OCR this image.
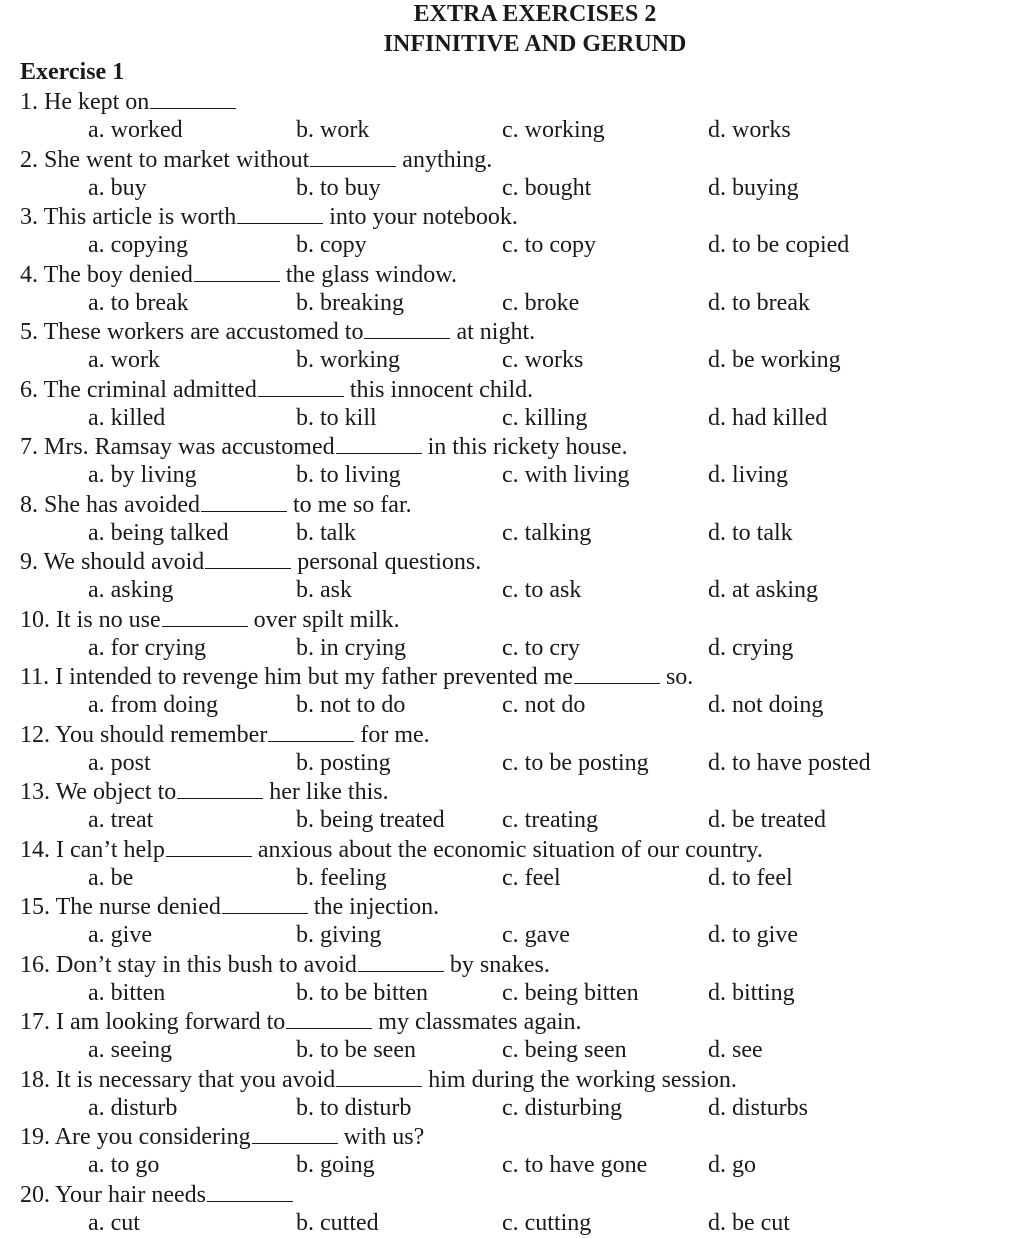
EXTRA EXERCISES 2
INFINITIVE AND GERUND
Exercise 1
1. He kept on
a. worked	b. work	c. working	d. works
2. She went to market without	anything.
a. buy	b. to buy	c. bought	d. buying
3. This article is worth	into your notebook.
a. copying	b. copy	c. to copy	d. to be copied
4. The boy denied	the glass window.
a. to break	b. breaking	c. broke	d. to break
5. These workers are accustomed to	at night.
a. work	b. working	c. works	d. be working
6. The criminal admitted	this innocent child.
a. killed	b. to kill	c. killing	d. had killed
7. Mrs. Ramsay was accustomed	in this rickety house.
a. by living	b. to living	c. with living	d. living
8. She has avoided	to me so far.
a. being talked	b. talk	c. talking	d. to talk
9. We should avoid	personal questions.
a. asking	b. ask	c. to ask	d. at asking
10. It is no use	over spilt milk.
a. for crying	b. in crying	c. to cry	d. crying
11. I intended to revenge him but my father prevented me	so.
a. from doing	b. not to do	c. not do	d. not doing
12. You should remember	for me.
a. post	b. posting	c. to be posting d. to have posted
13. We object to	her like this.
a. treat	b. being treated c. treating	d. be treated
14. I can’t help	anxious about the economic situation of our country.
a. be	b. feeling	c. feel	d. to feel
15. The nurse denied	the injection.
a. give	b. giving	c. gave	d. to give
16. Don’t stay in this bush to avoid	by snakes.
a. bitten	b. to be bitten	c. being bitten	d. bitting
17. I am looking forward to	my classmates again.
a. seeing	b. to be seen	c. being seen	d. see
18. It is necessary that you avoid	him during the working session.
a. disturb	b. to disturb	c. disturbing	d. disturbs
19. Are you considering	with us?
a. to go	b. going	c. to have gone	d. go
20. Your hair needs
a. cut	b. cutted	c. cutting	d. be cut
